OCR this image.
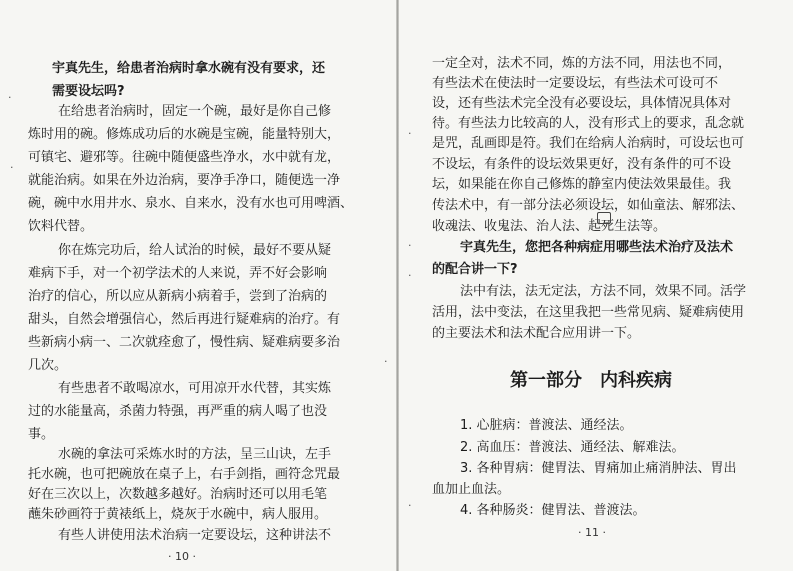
宇真先生，给患者治病时拿水碗有没有要求，还
需要设坛吗?
在给患者治病时，固定一个碗，最好是你自己修
炼时用的碗。修炼成功后的水碗是宝碗，能量特别大，
可镇宅、避邪等。往碗中随便盛些净水，水中就有龙，
就能治病。如果在外边治病，要净手净口，随便选一净
碗，碗中水用井水、泉水、自来水，没有水也可用啤酒、
饮料代替。
你在炼完功后，给人试治的时候，最好不要从疑
难病下手，对一个初学法术的人来说，弄不好会影响
治疗的信心，所以应从新病小病着手，尝到了治病的
甜头，自然会增强信心，然后再进行疑难病的治疗。有
些新病小病一、二次就痊愈了，慢性病、疑难病要多治
几次。
有些患者不敢喝凉水，可用凉开水代替，其实炼
过的水能量高，杀菌力特强，再严重的病人喝了也没
事。
水碗的拿法可采炼水时的方法，呈三山诀，左手
托水碗，也可把碗放在桌子上，右手剑指，画符念咒最
好在三次以上，次数越多越好。治病时还可以用毛笔
蘸朱砂画符于黄裱纸上，烧灰于水碗中，病人服用。
有些人讲使用法术治病一定要设坛，这种讲法不
· 10 ·
·
·
·
一定全对，法术不同，炼的方法不同，用法也不同，
有些法术在使法时一定要设坛，有些法术可设可不
设，还有些法术完全没有必要设坛，具体情况具体对
待。有些法力比较高的人，没有形式上的要求，乱念就
是咒，乱画即是符。我们在给病人治病时，可设坛也可
不设坛，有条件的设坛效果更好，没有条件的可不设
坛，如果能在你自己修炼的静室内使法效果最佳。我
传法术中，有一部分法必须设坛，如仙童法、解邪法、
收魂法、收鬼法、治人法、起死生法等。
宇真先生，您把各种病症用哪些法术治疗及法术
的配合讲一下?
法中有法，法无定法，方法不同，效果不同。活学
活用，法中变法，在这里我把一些常见病、疑难病使用
的主要法术和法术配合应用讲一下。
第一部分　内科疾病
1. 心脏病：普渡法、通经法。
2. 高血压：普渡法、通经法、解难法。
3. 各种胃病：健胃法、胃痛加止痛消肿法、胃出
血加止血法。
4. 各种肠炎：健胃法、普渡法。
· 11 ·
·
·
·
·
